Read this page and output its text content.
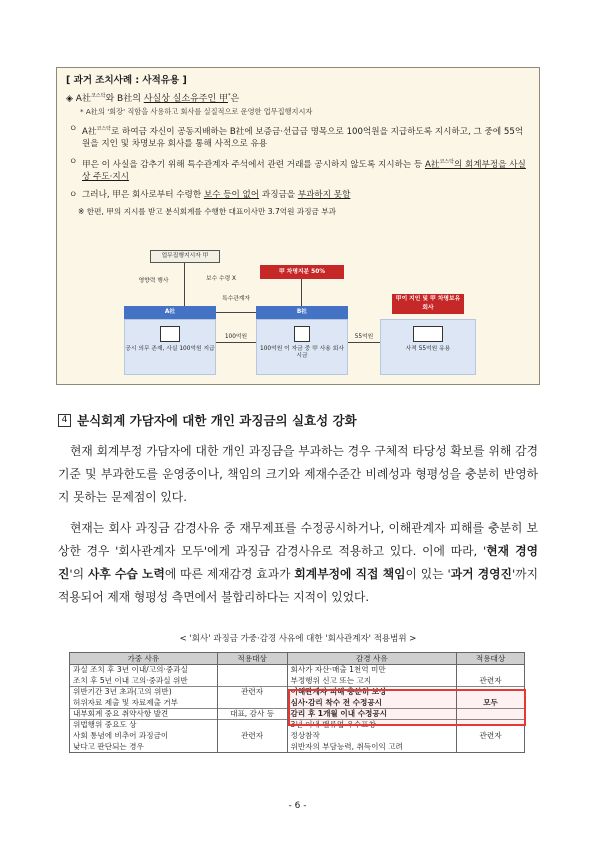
[ 과거 조치사례 : 사적유용 ]
◈ A社$^{코스닥}$와 B社의 사실상 실소유주인 甲*은
* A社의 '회장' 직함을 사용하고 회사를 실질적으로 운영한 업무집행지시자
ㅇ A社$^{코스닥}$로 하여금 자신이 공동지배하는 B社에 보증금·선급금 명목으로 100억원을 지급하도록 지시하고, 그 중에 55억원을 지인 및 차명보유 회사를 통해 사적으로 유용
ㅇ 甲은 이 사실을 감추기 위해 특수관계자 주석에서 관련 거래를 공시하지 않도록 지시하는 등 A社$^{코스닥}$의 회계부정을 사실상 주도·지시
ㅇ 그러나, 甲은 회사로부터 수령한 보수 등이 없어 과징금을 부과하지 못함
※ 한편, 甲의 지시를 받고 분식회계를 수행한 대표이사만 3.7억원 과징금 부과
업무집행지시자 甲
영향력 행사	보수 수령 X
甲 차명지분 50%
A社	B社
특수관계자	甲이 지인 및 甲 차명보유 회사
공시 의무 존재, 사실 100억원 지급	100억원 이 자금 중 甲 사용 회사 시금
사적 55억원 유용
100억원	55억원
4 분식회계 가담자에 대한 개인 과징금의 실효성 강화
현재 회계부정 가담자에 대한 개인 과징금을 부과하는 경우 구체적 타당성 확보를 위해 감경기준 및 부과한도를 운영중이나, 책임의 크기와 제재수준간 비례성과 형평성을 충분히 반영하지 못하는 문제점이 있다.
현재는 회사 과징금 감경사유 중 재무제표를 수정공시하거나, 이해관계자 피해를 충분히 보상한 경우 '회사관계자 모두'에게 과징금 감경사유로 적용하고 있다. 이에 따라, '현재 경영진'의 사후 수습 노력에 따른 제재감경 효과가 회계부정에 직접 책임이 있는 '과거 경영진'까지 적용되어 제재 형평성 측면에서 불합리하다는 지적이 있었다.
< '회사' 과징금 가중·감경 사유에 대한 '회사관계자' 적용범위 >
가중 사유	적용대상	감경 사유	적용대상
과실 조치 후 3년 이내/고의·중과실		회사가 자산·매출 1천억 미만	
조치 후 5년 이내 고의·중과실 위반		부정행위 신고 또는 고지	관련자
위반기간 3년 초과(고의 위반)	관련자	이해관계자 피해 충분히 보상	
허위자료 제출 및 자료제출 거부		심사·감리 착수 전 수정공시	모두
내부회계 중요 취약사항 발견	대표, 감사 등	감리 후 1개월 이내 수정공시	
위법행위 중요도 상		3년 이내 밸류업 우수표창	
사회 통념에 비추어 과징금이	관련자	정상참작	관련자
낮다고 판단되는 경우		위반자의 부담능력, 취득이익 고려	
- 6 -
